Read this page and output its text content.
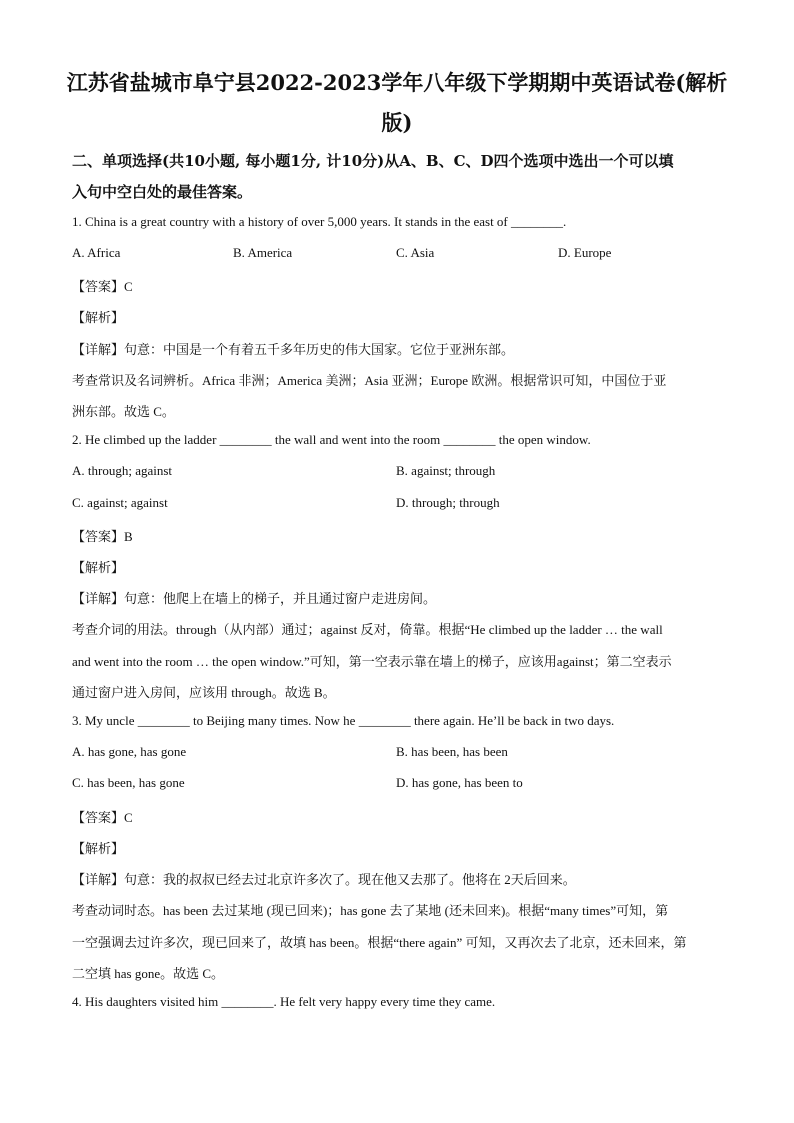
江苏省盐城市阜宁县2022-2023学年八年级下学期期中英语试卷(解析
版)
二、单项选择(共10小题, 每小题1分, 计10分)从A、B、C、D四个选项中选出一个可以填
入句中空白处的最佳答案。
1. China is a great country with a history of over 5,000 years. It stands in the east of ________.
A. Africa	B. America	C. Asia	D. Europe
【答案】C
【解析】
【详解】句意：中国是一个有着五千多年历史的伟大国家。它位于亚洲东部。
考查常识及名词辨析。Africa 非洲；America 美洲；Asia 亚洲；Europe 欧洲。根据常识可知，中国位于亚
洲东部。故选 C。
2. He climbed up the ladder ________ the wall and went into the room ________ the open window.
A. through; against	B. against; through
C. against; against	D. through; through
【答案】B
【解析】
【详解】句意：他爬上在墙上的梯子，并且通过窗户走进房间。
考查介词的用法。through（从内部）通过；against 反对，倚靠。根据“He climbed up the ladder … the wall
and went into the room … the open window.”可知，第一空表示靠在墙上的梯子，应该用against；第二空表示
通过窗户进入房间，应该用 through。故选 B。
3. My uncle ________ to Beijing many times. Now he ________ there again. He’ll be back in two days.
A. has gone, has gone	B. has been, has been
C. has been, has gone	D. has gone, has been to
【答案】C
【解析】
【详解】句意：我的叔叔已经去过北京许多次了。现在他又去那了。他将在 2天后回来。
考查动词时态。has been 去过某地 (现已回来)；has gone 去了某地 (还未回来)。根据“many times”可知，第
一空强调去过许多次，现已回来了，故填 has been。根据“there again” 可知，又再次去了北京，还未回来，第
二空填 has gone。故选 C。
4. His daughters visited him ________. He felt very happy every time they came.
